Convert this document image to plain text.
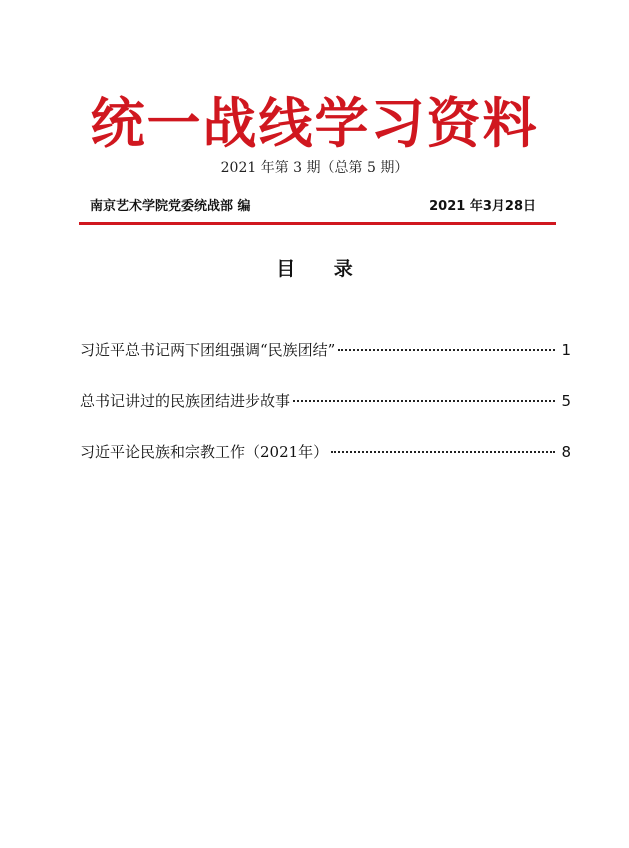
统一战线学习资料
2021 年第 3 期（总第 5 期）
南京艺术学院党委统战部 编	2021 年3月28日
目 录
习近平总书记两下团组强调“民族团结”	1
总书记讲过的民族团结进步故事	5
习近平论民族和宗教工作（2021年）	8
